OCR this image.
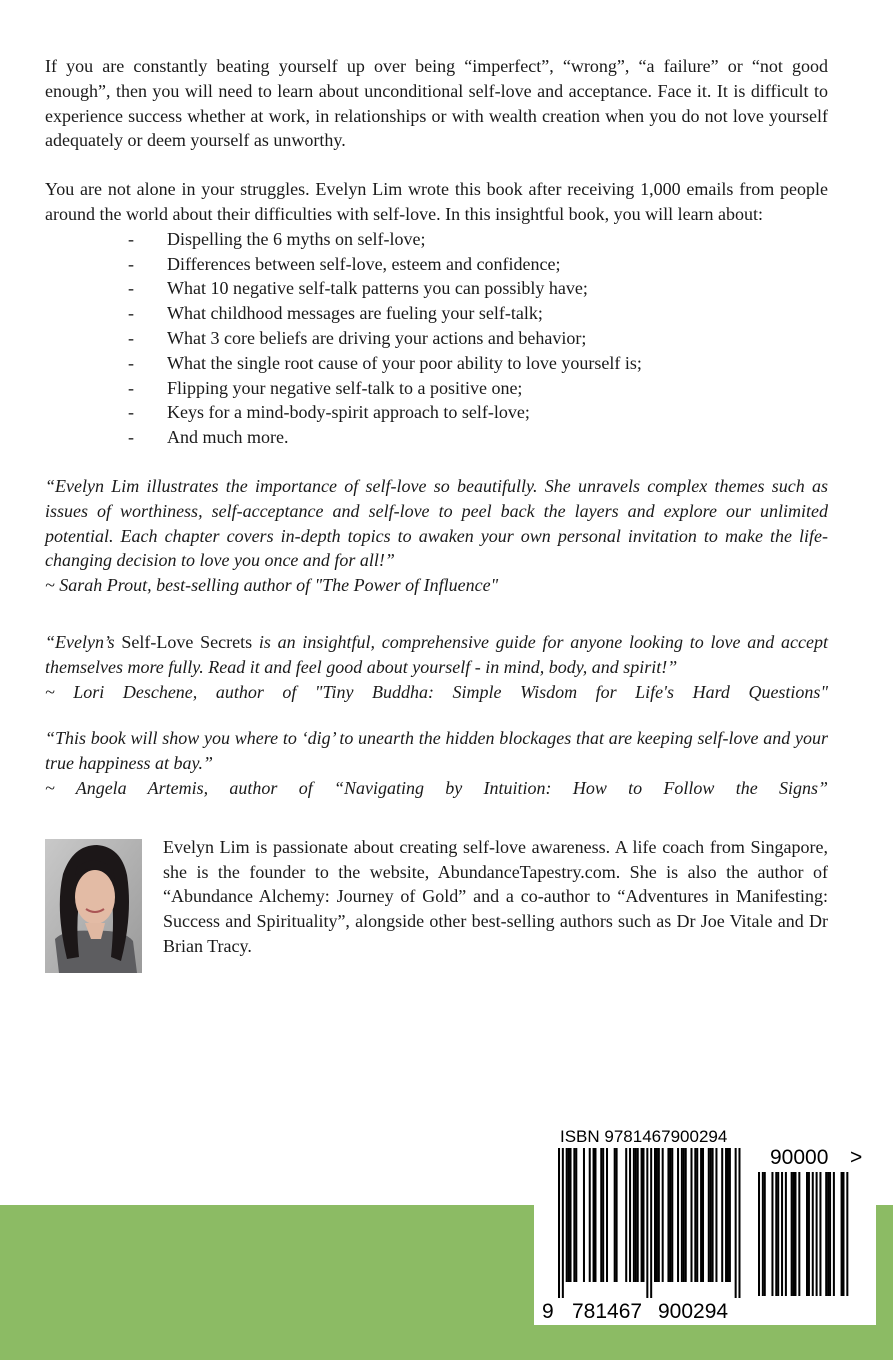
If you are constantly beating yourself up over being “imperfect”, “wrong”, “a failure” or “not good enough”, then you will need to learn about unconditional self-love and acceptance. Face it. It is difficult to experience success whether at work, in relationships or with wealth creation when you do not love yourself adequately or deem yourself as unworthy.

You are not alone in your struggles. Evelyn Lim wrote this book after receiving 1,000 emails from people around the world about their difficulties with self-love. In this insightful book, you will learn about:

- Dispelling the 6 myths on self-love;
- Differences between self-love, esteem and confidence;
- What 10 negative self-talk patterns you can possibly have;
- What childhood messages are fueling your self-talk;
- What 3 core beliefs are driving your actions and behavior;
- What the single root cause of your poor ability to love yourself is;
- Flipping your negative self-talk to a positive one;
- Keys for a mind-body-spirit approach to self-love;
- And much more.

“Evelyn Lim illustrates the importance of self-love so beautifully. She unravels complex themes such as issues of worthiness, self-acceptance and self-love to peel back the layers and explore our unlimited potential. Each chapter covers in-depth topics to awaken your own personal invitation to make the life-changing decision to love you once and for all!”

~ Sarah Prout, best-selling author of "The Power of Influence"

“Evelyn’s Self-Love Secrets is an insightful, comprehensive guide for anyone looking to love and accept themselves more fully. Read it and feel good about yourself - in mind, body, and spirit!”

~ Lori Deschene, author of "Tiny Buddha: Simple Wisdom for Life's Hard Questions"

“This book will show you where to ‘dig’ to unearth the hidden blockages that are keeping self-love and your true happiness at bay.”

~ Angela Artemis, author of “Navigating by Intuition: How to Follow the Signs”

Evelyn Lim is passionate about creating self-love awareness. A life coach from Singapore, she is the founder to the website, AbundanceTapestry.com. She is also the author of “Abundance Alchemy: Journey of Gold” and a co-author to “Adventures in Manifesting: Success and Spirituality”, alongside other best-selling authors such as Dr Joe Vitale and Dr Brian Tracy.
ISBN 9781467900294
90000 >
9 781467 900294
